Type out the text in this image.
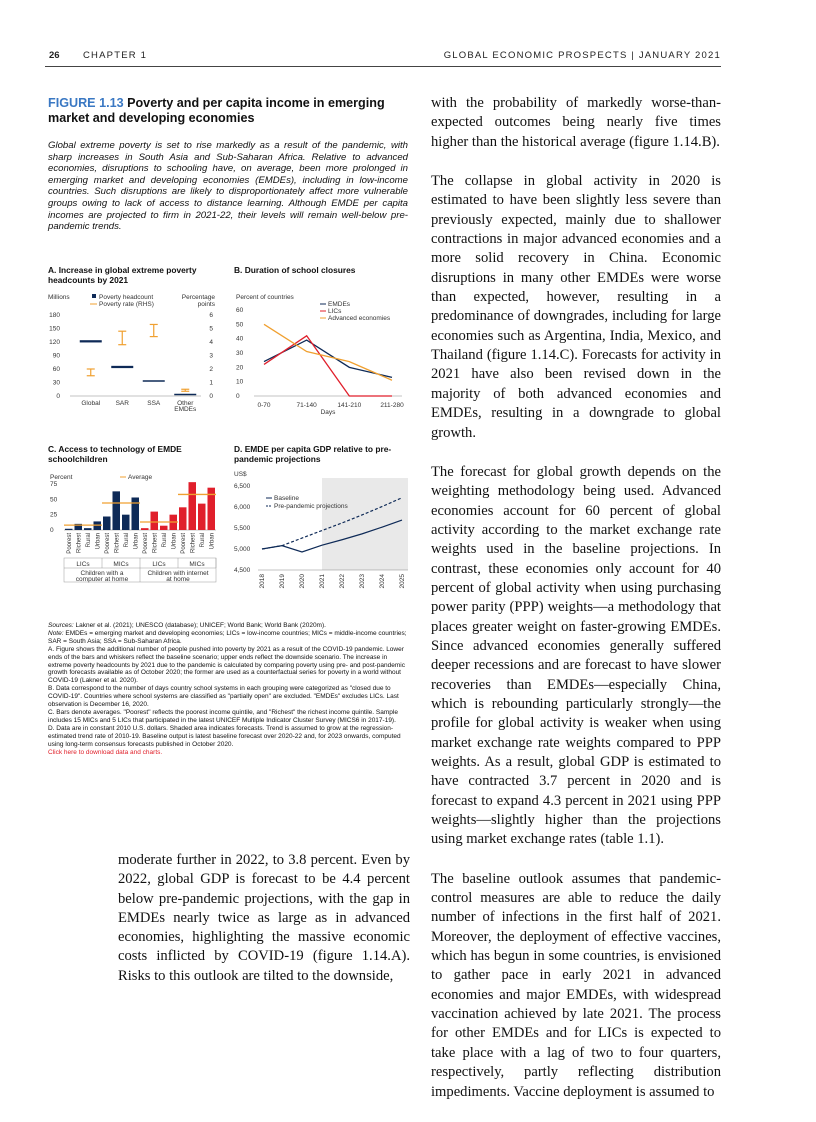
26 CHAPTER 1	GLOBAL ECONOMIC PROSPECTS | JANUARY 2021
FIGURE 1.13 Poverty and per capita income in emerging market and developing economies
Global extreme poverty is set to rise markedly as a result of the pandemic, with sharp increases in South Asia and Sub-Saharan Africa. Relative to advanced economies, disruptions to schooling have, on average, been more prolonged in emerging market and developing economies (EMDEs), including in low-income countries. Such disruptions are likely to disproportionately affect more vulnerable groups owing to lack of access to distance learning. Although EMDE per capita incomes are projected to firm in 2021-22, their levels will remain well-below pre-pandemic trends.
A. Increase in global extreme poverty headcounts by 2021
B. Duration of school closures
C. Access to technology of EMDE schoolchildren
D. EMDE per capita GDP relative to pre-pandemic projections
Millions	Percentage
points
Poverty headcount
Poverty rate (RHS)
0
30
60
90
120
150
180
0
1
2
3
4
5
6
Global SAR	SSA	Other
EMDEs
Percent of countries
0
10
20
30
40
50
60
0-70	71-140	141-210	211-280
Days
EMDEs
LICs
Advanced economies
Percent
0
25
50
75
Average
Poorest Richest Rural Urban Poorest Richest Rural Urban Poorest Richest Rural Urban Poorest Richest Rural Urban
LICs	MICs	LICs	MICs
Children with a
computer at home
Children with internet
at home
US$
4,500
5,000
5,500
6,000
6,500
2018 2019 2020 2021 2022 2023 2024 2025
Baseline
Pre-pandemic projections

Sources: Lakner et al. (2021); UNESCO (database); UNICEF; World Bank; World Bank (2020m).

Note: EMDEs = emerging market and developing economies; LICs = low-income countries; MICs = middle-income countries; SAR = South Asia; SSA = Sub-Saharan Africa.

A. Figure shows the additional number of people pushed into poverty by 2021 as a result of the COVID-19 pandemic. Lower ends of the bars and whiskers reflect the baseline scenario; upper ends reflect the downside scenario. The increase in extreme poverty headcounts by 2021 due to the pandemic is calculated by comparing poverty using pre- and post-pandemic growth forecasts available as of October 2020; the former are used as a counterfactual series for poverty in a world without COVID-19 (Lakner et al. 2020).

B. Data correspond to the number of days country school systems in each grouping were categorized as "closed due to COVID-19". Countries where school systems are classified as "partially open" are excluded. "EMDEs" excludes LICs. Last observation is December 16, 2020.

C. Bars denote averages. "Poorest" reflects the poorest income quintile, and "Richest" the richest income quintile. Sample includes 15 MICs and 5 LICs that participated in the latest UNICEF Multiple Indicator Cluster Survey (MICS6 in 2017-19).

D. Data are in constant 2010 U.S. dollars. Shaded area indicates forecasts. Trend is assumed to grow at the regression-estimated trend rate of 2010-19. Baseline output is latest baseline forecast over 2020-22 and, for 2023 onwards, computed using long-term consensus forecasts published in October 2020.

Click here to download data and charts.

moderate further in 2022, to 3.8 percent. Even by 2022, global GDP is forecast to be 4.4 percent below pre-pandemic projections, with the gap in EMDEs nearly twice as large as in advanced economies, highlighting the massive economic costs inflicted by COVID-19 (figure 1.14.A). Risks to this outlook are tilted to the downside,

with the probability of markedly worse-than-expected outcomes being nearly five times higher than the historical average (figure 1.14.B).

The collapse in global activity in 2020 is estimated to have been slightly less severe than previously expected, mainly due to shallower contractions in major advanced economies and a more solid recovery in China. Economic disruptions in many other EMDEs were worse than expected, however, resulting in a predominance of downgrades, including for large economies such as Argentina, India, Mexico, and Thailand (figure 1.14.C). Forecasts for activity in 2021 have also been revised down in the majority of both advanced economies and EMDEs, resulting in a downgrade to global growth.

The forecast for global growth depends on the weighting methodology being used. Advanced economies account for 60 percent of global activity according to the market exchange rate weights used in the baseline projections. In contrast, these economies only account for 40 percent of global activity when using purchasing power parity (PPP) weights—a methodology that places greater weight on faster-growing EMDEs. Since advanced economies generally suffered deeper recessions and are forecast to have slower recoveries than EMDEs—especially China, which is rebounding particularly strongly—the profile for global activity is weaker when using market exchange rate weights compared to PPP weights. As a result, global GDP is estimated to have contracted 3.7 percent in 2020 and is forecast to expand 4.3 percent in 2021 using PPP weights—slightly higher than the projections using market exchange rates (table 1.1).

The baseline outlook assumes that pandemic-control measures are able to reduce the daily number of infections in the first half of 2021. Moreover, the deployment of effective vaccines, which has begun in some countries, is envisioned to gather pace in early 2021 in advanced economies and major EMDEs, with widespread vaccination achieved by late 2021. The process for other EMDEs and for LICs is expected to take place with a lag of two to four quarters, respectively, partly reflecting distribution impediments. Vaccine deployment is assumed to
